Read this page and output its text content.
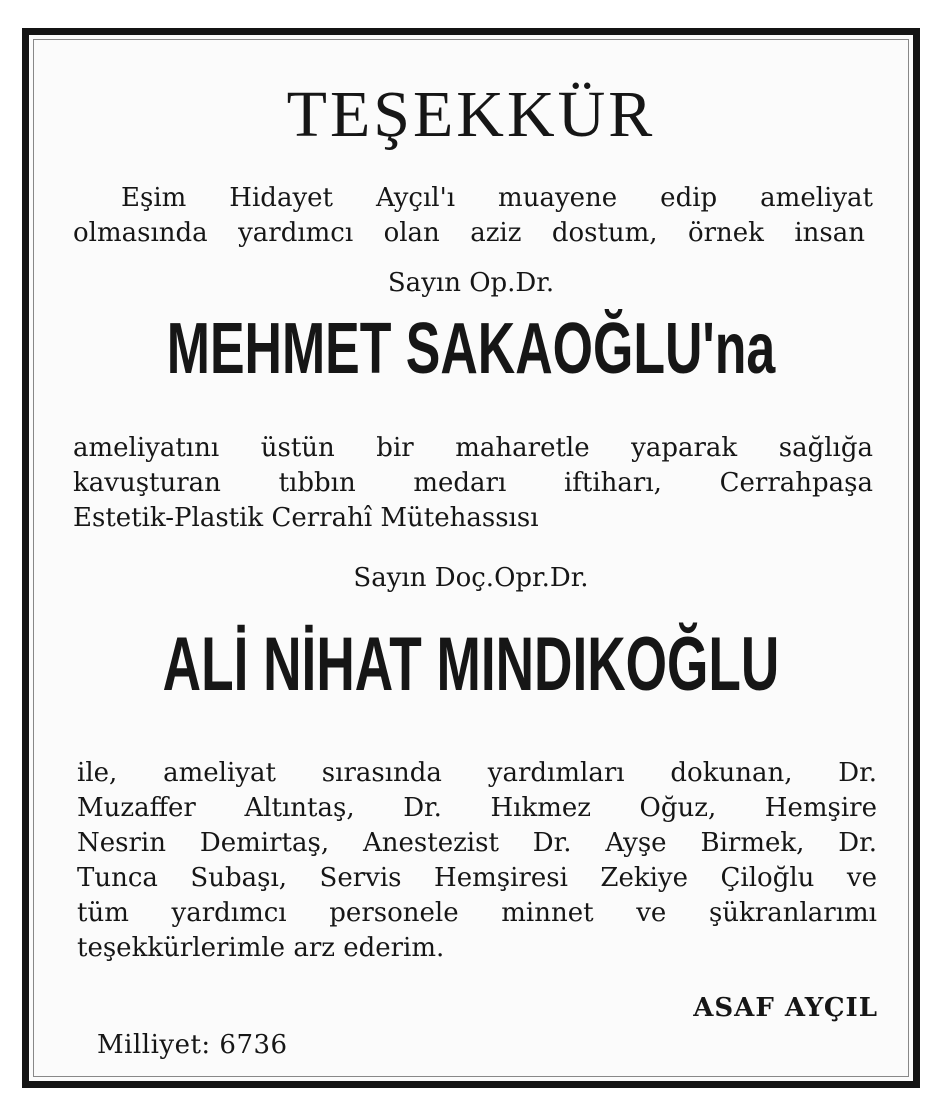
TEŞEKKÜR
Eşim Hidayet Ayçıl'ı muayene edip ameliyat
olmasında yardımcı olan aziz dostum, örnek insan
Sayın Op.Dr.
MEHMET SAKAOĞLU'na
ameliyatını üstün bir maharetle yaparak sağlığa
kavuşturan tıbbın medarı iftiharı, Cerrahpaşa
Estetik-Plastik Cerrahî Mütehassısı
Sayın Doç.Opr.Dr.
ALİ NİHAT MINDIKOĞLU
ile, ameliyat sırasında yardımları dokunan, Dr.
Muzaffer Altıntaş, Dr. Hıkmez Oğuz, Hemşire
Nesrin Demirtaş, Anestezist Dr. Ayşe Birmek, Dr.
Tunca Subaşı, Servis Hemşiresi Zekiye Çiloğlu ve
tüm yardımcı personele minnet ve şükranlarımı
teşekkürlerimle arz ederim.
ASAF AYÇIL
Milliyet: 6736
